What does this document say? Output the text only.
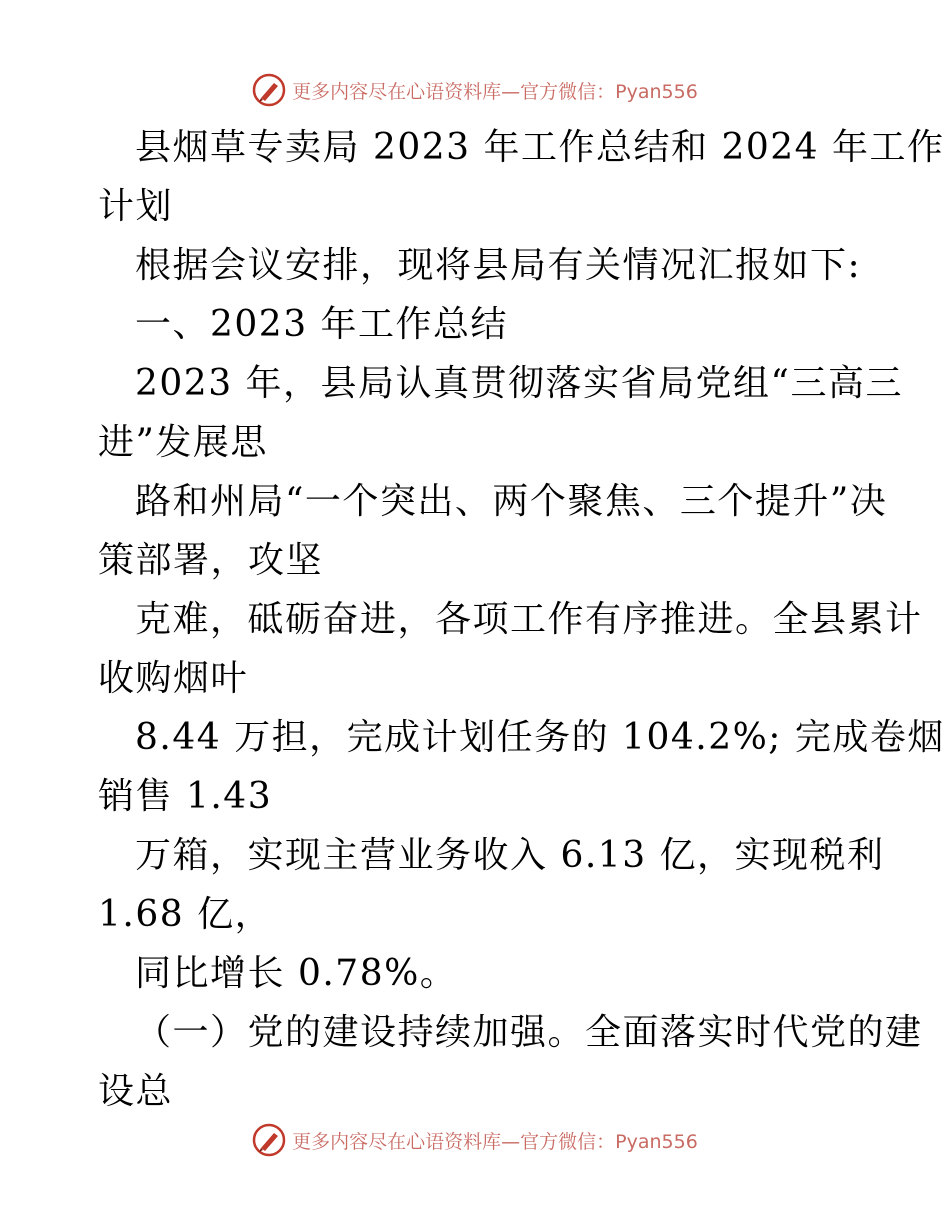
更多内容尽在心语资料库—官方微信：Pyan556
县烟草专卖局 2023 年工作总结和 2024 年工作
计划
根据会议安排，现将县局有关情况汇报如下:
一、2023 年工作总结
2023 年，县局认真贯彻落实省局党组“三高三
进”发展思
路和州局“一个突出、两个聚焦、三个提升”决
策部署，攻坚
克难，砥砺奋进，各项工作有序推进。全县累计
收购烟叶
8.44 万担，完成计划任务的 104.2%; 完成卷烟
销售 1.43
万箱，实现主营业务收入 6.13 亿，实现税利
1.68 亿，
同比增长 0.78%。
（一）党的建设持续加强。全面落实时代党的建
设总
更多内容尽在心语资料库—官方微信：Pyan556
